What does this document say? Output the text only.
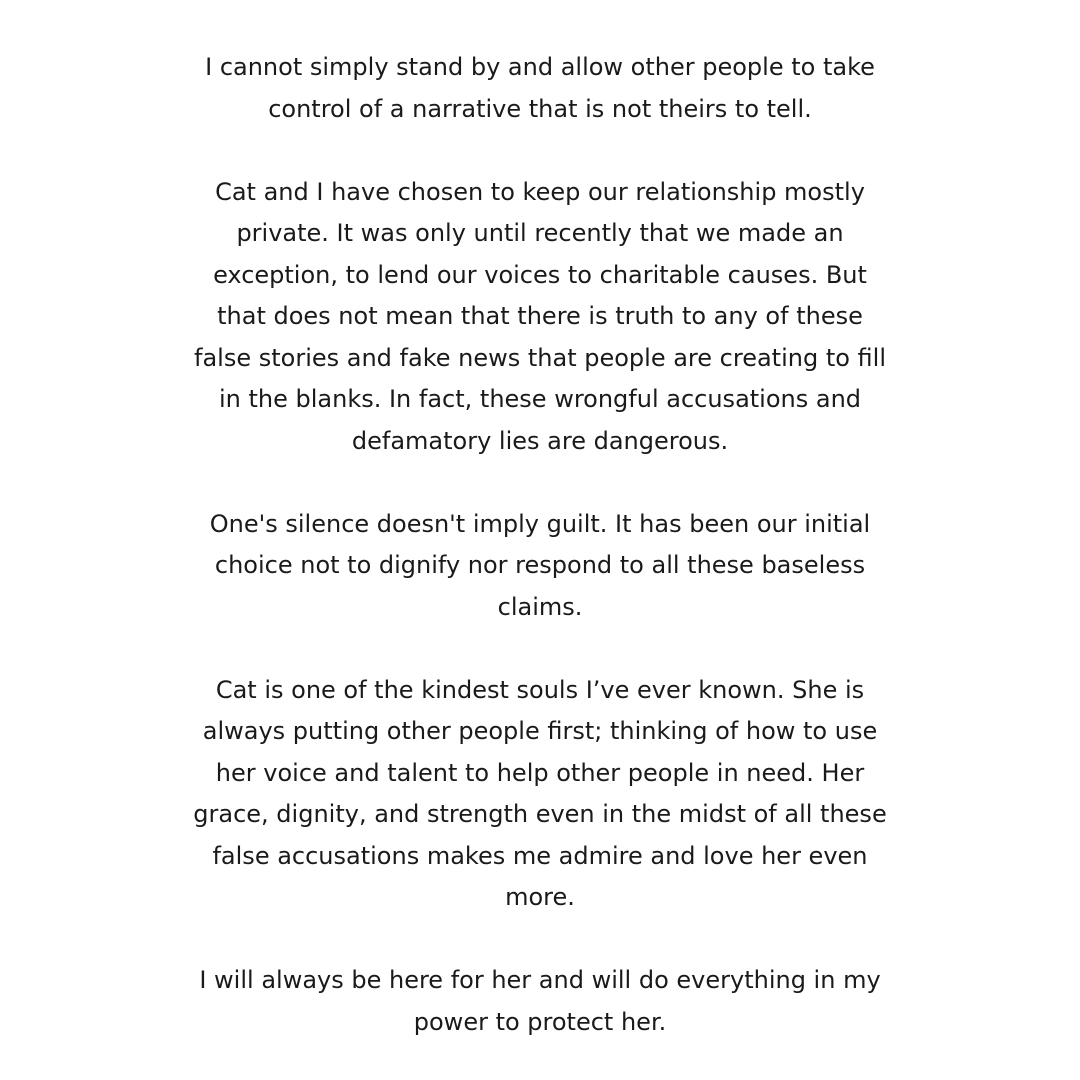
I cannot simply stand by and allow other people to take
control of a narrative that is not theirs to tell.

Cat and I have chosen to keep our relationship mostly
private. It was only until recently that we made an
exception, to lend our voices to charitable causes. But
that does not mean that there is truth to any of these
false stories and fake news that people are creating to fill
in the blanks. In fact, these wrongful accusations and
defamatory lies are dangerous.

One's silence doesn't imply guilt. It has been our initial
choice not to dignify nor respond to all these baseless
claims.

Cat is one of the kindest souls I’ve ever known. She is
always putting other people first; thinking of how to use
her voice and talent to help other people in need. Her
grace, dignity, and strength even in the midst of all these
false accusations makes me admire and love her even
more.

I will always be here for her and will do everything in my
power to protect her.
